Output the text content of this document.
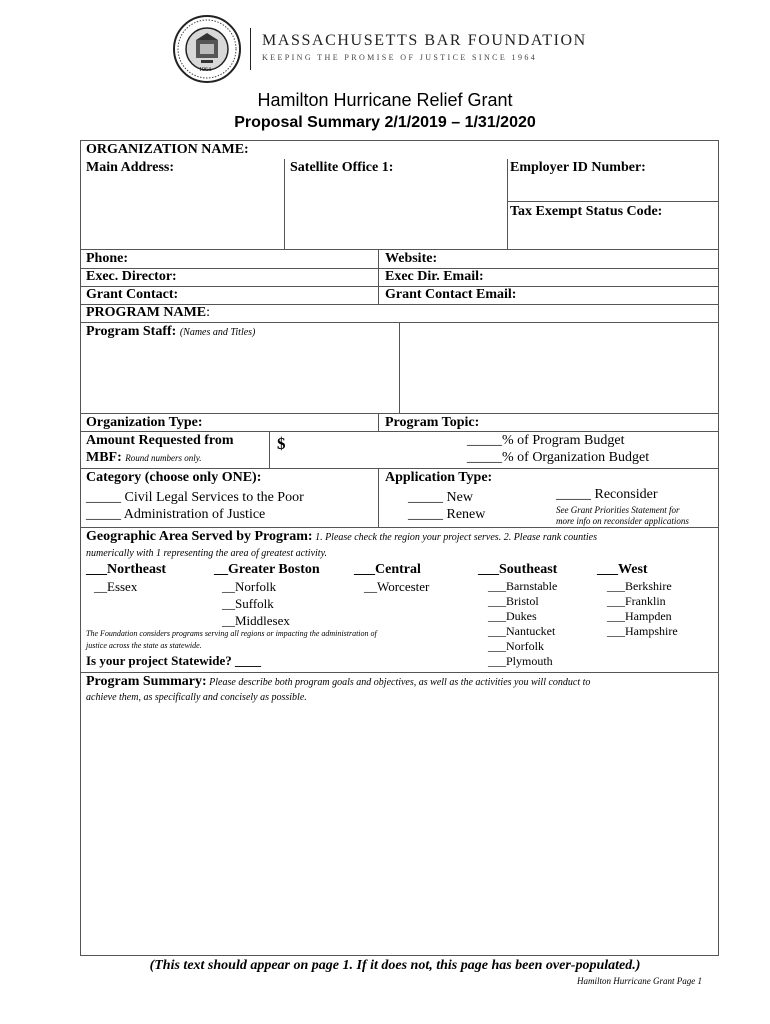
1964
MASSACHUSETTS BAR FOUNDATION
KEEPING THE PROMISE OF JUSTICE SINCE 1964
Hamilton Hurricane Relief Grant
Proposal Summary 2/1/2019 – 1/31/2020
ORGANIZATION NAME:
Main Address:	Satellite Office 1:	Employer ID Number:
Tax Exempt Status Code:
Phone:	Website:
Exec. Director:	Exec Dir. Email:
Grant Contact:	Grant Contact Email:
PROGRAM NAME:
Program Staff: (Names and Titles)
Organization Type:	Program Topic:
Amount Requested from
MBF: Round numbers only.
$	_____% of Program Budget
_____% of Organization Budget
Category (choose only ONE):
_____ Civil Legal Services to the Poor
_____ Administration of Justice
Application Type:
_____ New
_____ Renew
_____ Reconsider
See Grant Priorities Statement for
more info on reconsider applications
Geographic Area Served by Program: 1. Please check the region your project serves. 2. Please rank counties
numerically with 1 representing the area of greatest activity.
___Northeast
__Essex
__Greater Boston
__Norfolk
__Suffolk
__Middlesex
___Central
__Worcester
___Southeast
___Barnstable
___Bristol
___Dukes
___Nantucket
___Norfolk
___Plymouth
___West
___Berkshire
___Franklin
___Hampden
___Hampshire
The Foundation considers programs serving all regions or impacting the administration of
justice across the state as statewide.
Is your project Statewide? ____
Program Summary: Please describe both program goals and objectives, as well as the activities you will conduct to
achieve them, as specifically and concisely as possible.
(This text should appear on page 1. If it does not, this page has been over-populated.)
Hamilton Hurricane Grant Page 1
